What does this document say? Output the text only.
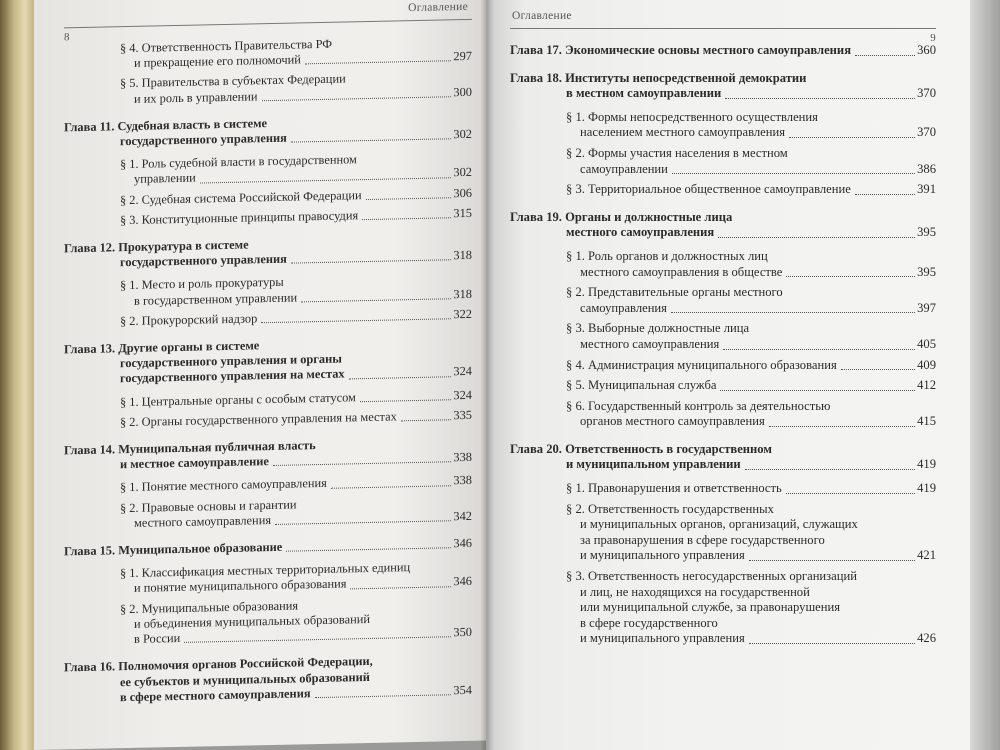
Оглавление
8	§ 4. Ответственность Правительства РФ
и прекращение его полномочий	297
§ 5. Правительства в субъектах Федерации
и их роль в управлении	300
Глава 11. Судебная власть в системе
государственного управления	302
§ 1. Роль судебной власти в государственном
управлении	302
§ 2. Судебная система Российской Федерации	306
§ 3. Конституционные принципы правосудия	315
Глава 12. Прокуратура в системе
государственного управления	318
§ 1. Место и роль прокуратуры
в государственном управлении	318
§ 2. Прокурорский надзор	322
Глава 13. Другие органы в системе
государственного управления и органы
государственного управления на местах	324
§ 1. Центральные органы с особым статусом	324
§ 2. Органы государственного управления на местах	335
Глава 14. Муниципальная публичная власть
и местное самоуправление	338
§ 1. Понятие местного самоуправления	338
§ 2. Правовые основы и гарантии
местного самоуправления	342
Глава 15. Муниципальное образование	346
§ 1. Классификация местных территориальных единиц
и понятие муниципального образования	346
§ 2. Муниципальные образования
и объединения муниципальных образований
в России	350
Глава 16. Полномочия органов Российской Федерации,
ее субъектов и муниципальных образований
в сфере местного самоуправления	354
Оглавление
9
Глава 17. Экономические основы местного самоуправления	360
Глава 18. Институты непосредственной демократии
в местном самоуправлении	370
§ 1. Формы непосредственного осуществления
населением местного самоуправления	370
§ 2. Формы участия населения в местном
самоуправлении	386
§ 3. Территориальное общественное самоуправление	391
Глава 19. Органы и должностные лица
местного самоуправления	395
§ 1. Роль органов и должностных лиц
местного самоуправления в обществе	395
§ 2. Представительные органы местного
самоуправления	397
§ 3. Выборные должностные лица
местного самоуправления	405
§ 4. Администрация муниципального образования	409
§ 5. Муниципальная служба	412
§ 6. Государственный контроль за деятельностью
органов местного самоуправления	415
Глава 20. Ответственность в государственном
и муниципальном управлении	419
§ 1. Правонарушения и ответственность	419
§ 2. Ответственность государственных
и муниципальных органов, организаций, служащих
за правонарушения в сфере государственного
и муниципального управления	421
§ 3. Ответственность негосударственных организаций
и лиц, не находящихся на государственной
или муниципальной службе, за правонарушения
в сфере государственного
и муниципального управления	426
